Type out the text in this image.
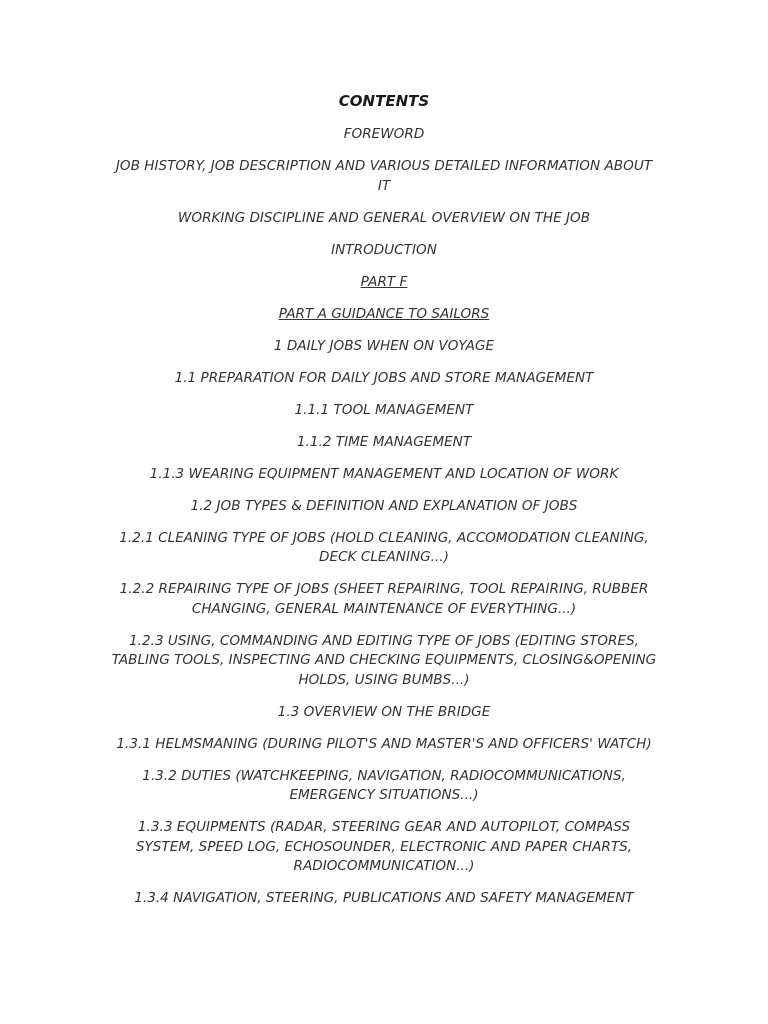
CONTENTS
FOREWORD
JOB HISTORY, JOB DESCRIPTION AND VARIOUS DETAILED INFORMATION ABOUT IT
WORKING DISCIPLINE AND GENERAL OVERVIEW ON THE JOB
INTRODUCTION
PART F
PART A GUIDANCE TO SAILORS
1 DAILY JOBS WHEN ON VOYAGE
1.1 PREPARATION FOR DAILY JOBS AND STORE MANAGEMENT
1.1.1 TOOL MANAGEMENT
1.1.2 TIME MANAGEMENT
1.1.3 WEARING EQUIPMENT MANAGEMENT AND LOCATION OF WORK
1.2 JOB TYPES & DEFINITION AND EXPLANATION OF JOBS
1.2.1 CLEANING TYPE OF JOBS (HOLD CLEANING, ACCOMODATION CLEANING, DECK CLEANING...)
1.2.2 REPAIRING TYPE OF JOBS (SHEET REPAIRING, TOOL REPAIRING, RUBBER CHANGING, GENERAL MAINTENANCE OF EVERYTHING...)
1.2.3 USING, COMMANDING AND EDITING TYPE OF JOBS (EDITING STORES, TABLING TOOLS, INSPECTING AND CHECKING EQUIPMENTS, CLOSING&OPENING HOLDS, USING BUMBS...)
1.3 OVERVIEW ON THE BRIDGE
1.3.1 HELMSMANING (DURING PILOT'S AND MASTER'S AND OFFICERS' WATCH)
1.3.2 DUTIES (WATCHKEEPING, NAVIGATION, RADIOCOMMUNICATIONS, EMERGENCY SITUATIONS...)
1.3.3 EQUIPMENTS (RADAR, STEERING GEAR AND AUTOPILOT, COMPASS SYSTEM, SPEED LOG, ECHOSOUNDER, ELECTRONIC AND PAPER CHARTS, RADIOCOMMUNICATION...)
1.3.4 NAVIGATION, STEERING, PUBLICATIONS AND SAFETY MANAGEMENT
